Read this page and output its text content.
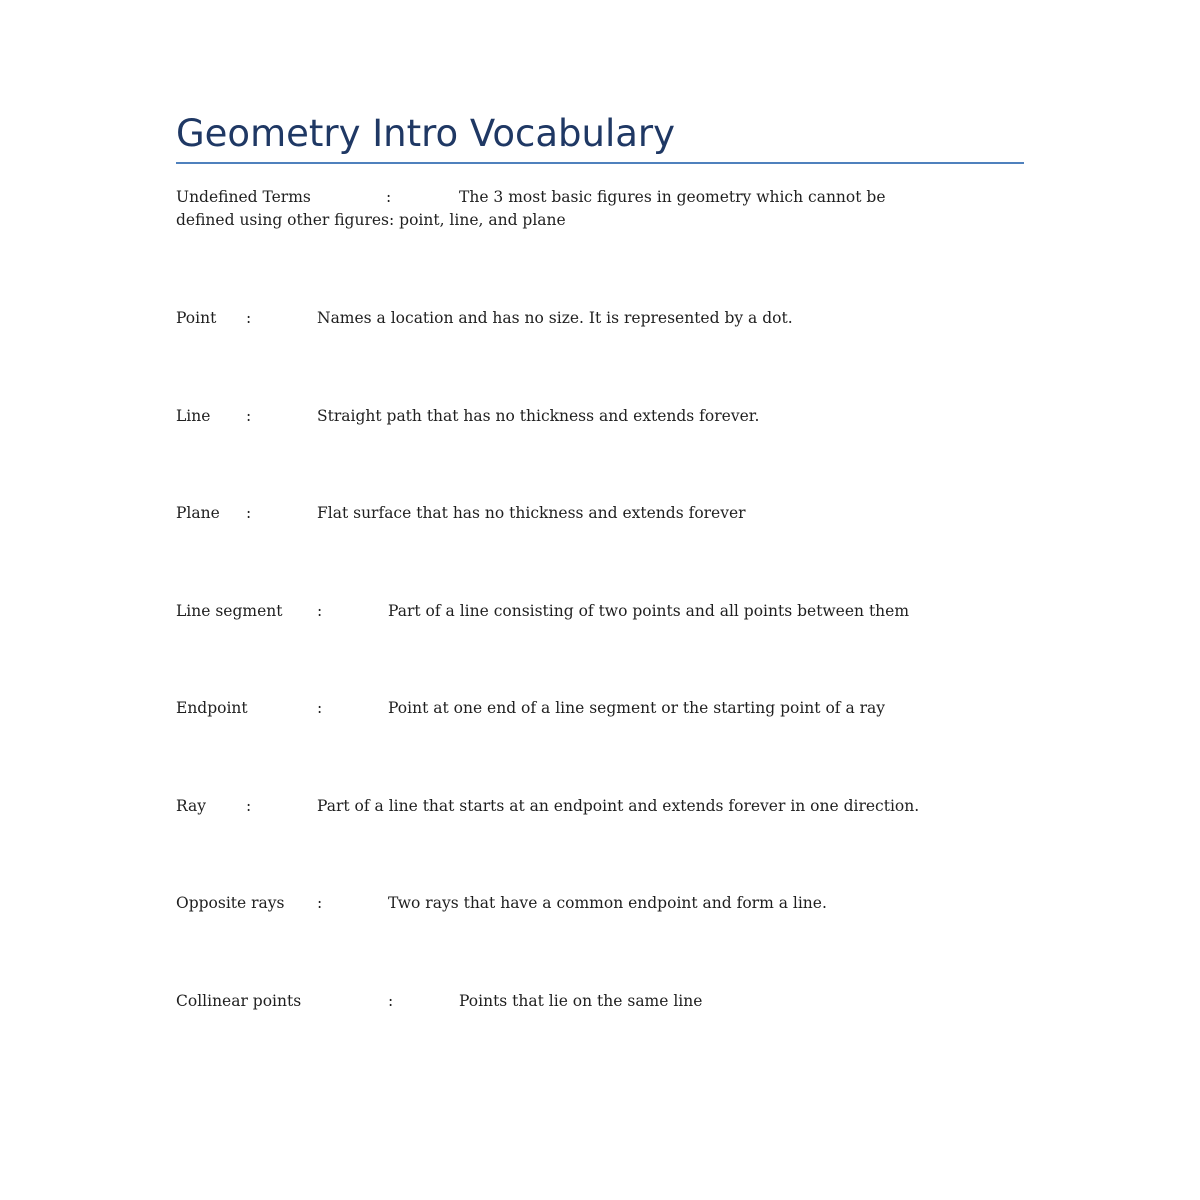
Geometry Intro Vocabulary
Undefined Terms	:	The 3 most basic figures in geometry which cannot be
defined using other figures: point, line, and plane
Point :	Names a location and has no size. It is represented by a dot.
Line :	Straight path that has no thickness and extends forever.
Plane :	Flat surface that has no thickness and extends forever
Line segment :	Part of a line consisting of two points and all points between them
Endpoint	:	Point at one end of a line segment or the starting point of a ray
Ray	:	Part of a line that starts at an endpoint and extends forever in one direction.
Opposite rays :	Two rays that have a common endpoint and form a line.
Collinear points	:	Points that lie on the same line
